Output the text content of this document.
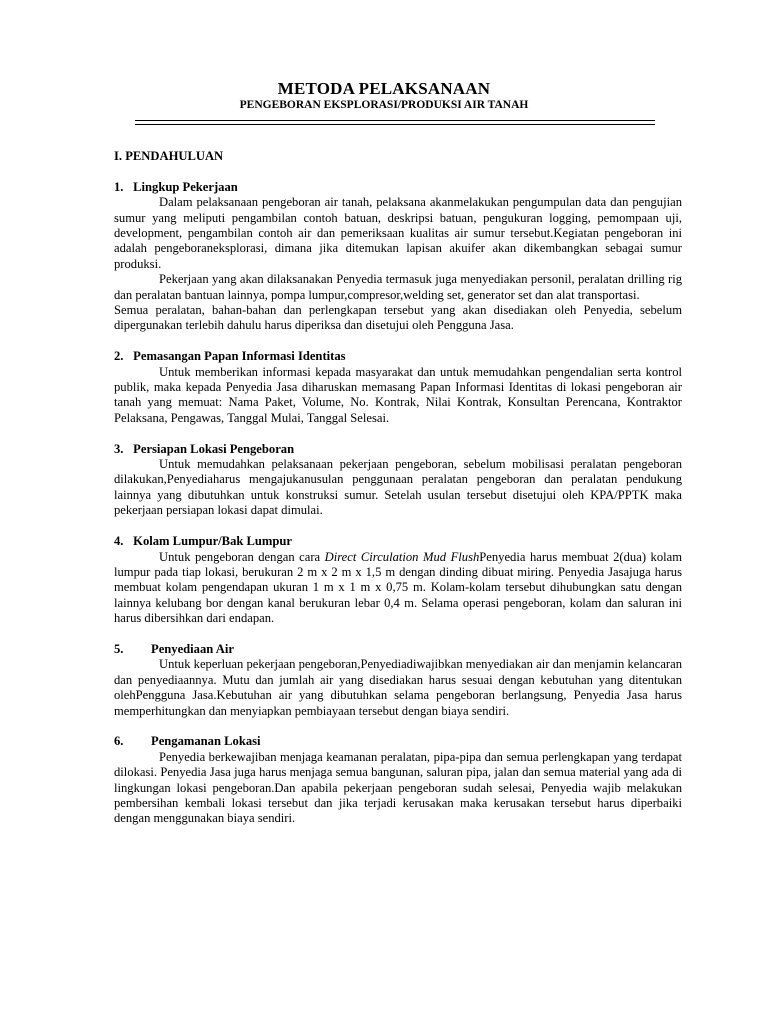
METODA PELAKSANAAN
PENGEBORAN EKSPLORASI/PRODUKSI AIR TANAH
I. PENDAHULUAN
1. Lingkup Pekerjaan

Dalam pelaksanaan pengeboran air tanah, pelaksana akanmelakukan pengumpulan data dan pengujian sumur yang meliputi pengambilan contoh batuan, deskripsi batuan, pengukuran logging, pemompaan uji, development, pengambilan contoh air dan pemeriksaan kualitas air sumur tersebut.Kegiatan pengeboran ini adalah pengeboraneksplorasi, dimana jika ditemukan lapisan akuifer akan dikembangkan sebagai sumur produksi.

Pekerjaan yang akan dilaksanakan Penyedia termasuk juga menyediakan personil, peralatan drilling rig dan peralatan bantuan lainnya, pompa lumpur,compresor,welding set, generator set dan alat transportasi.

Semua peralatan, bahan-bahan dan perlengkapan tersebut yang akan disediakan oleh Penyedia, sebelum dipergunakan terlebih dahulu harus diperiksa dan disetujui oleh Pengguna Jasa.

2. Pemasangan Papan Informasi Identitas

Untuk memberikan informasi kepada masyarakat dan untuk memudahkan pengendalian serta kontrol publik, maka kepada Penyedia Jasa diharuskan memasang Papan Informasi Identitas di lokasi pengeboran air tanah yang memuat: Nama Paket, Volume, No. Kontrak, Nilai Kontrak, Konsultan Perencana, Kontraktor Pelaksana, Pengawas, Tanggal Mulai, Tanggal Selesai.

3. Persiapan Lokasi Pengeboran

Untuk memudahkan pelaksanaan pekerjaan pengeboran, sebelum mobilisasi peralatan pengeboran dilakukan,Penyediaharus mengajukanusulan penggunaan peralatan pengeboran dan peralatan pendukung lainnya yang dibutuhkan untuk konstruksi sumur. Setelah usulan tersebut disetujui oleh KPA/PPTK maka pekerjaan persiapan lokasi dapat dimulai.

4. Kolam Lumpur/Bak Lumpur

Untuk pengeboran dengan cara Direct Circulation Mud FlushPenyedia harus membuat 2(dua) kolam lumpur pada tiap lokasi, berukuran 2 m x 2 m x 1,5 m dengan dinding dibuat miring. Penyedia Jasajuga harus membuat kolam pengendapan ukuran 1 m x 1 m x 0,75 m. Kolam-kolam tersebut dihubungkan satu dengan lainnya kelubang bor dengan kanal berukuran lebar 0,4 m. Selama operasi pengeboran, kolam dan saluran ini harus dibersihkan dari endapan.

5. Penyediaan Air

Untuk keperluan pekerjaan pengeboran,Penyediadiwajibkan menyediakan air dan menjamin kelancaran dan penyediaannya. Mutu dan jumlah air yang disediakan harus sesuai dengan kebutuhan yang ditentukan olehPengguna Jasa.Kebutuhan air yang dibutuhkan selama pengeboran berlangsung, Penyedia Jasa harus memperhitungkan dan menyiapkan pembiayaan tersebut dengan biaya sendiri.

6. Pengamanan Lokasi

Penyedia berkewajiban menjaga keamanan peralatan, pipa-pipa dan semua perlengkapan yang terdapat dilokasi. Penyedia Jasa juga harus menjaga semua bangunan, saluran pipa, jalan dan semua material yang ada di lingkungan lokasi pengeboran.Dan apabila pekerjaan pengeboran sudah selesai, Penyedia wajib melakukan pembersihan kembali lokasi tersebut dan jika terjadi kerusakan maka kerusakan tersebut harus diperbaiki dengan menggunakan biaya sendiri.
